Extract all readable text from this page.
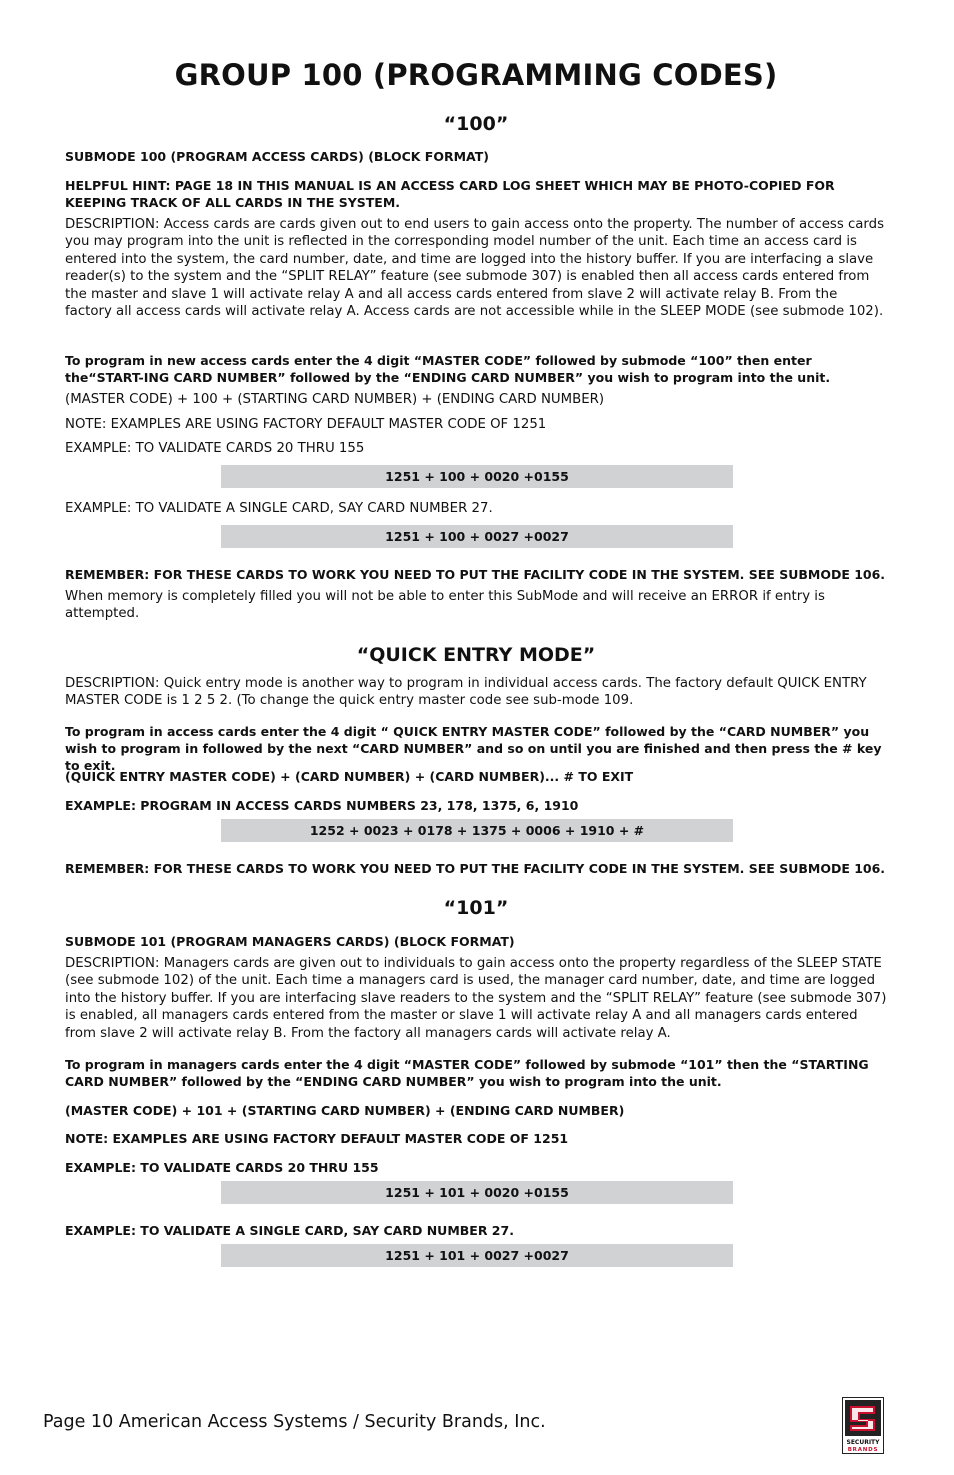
GROUP 100 (PROGRAMMING CODES)
“100”

SUBMODE 100 (PROGRAM ACCESS CARDS) (BLOCK FORMAT)

HELPFUL HINT: PAGE 18 IN THIS MANUAL IS AN ACCESS CARD LOG SHEET WHICH MAY BE PHOTO-COPIED FOR KEEPING TRACK OF ALL CARDS IN THE SYSTEM.

DESCRIPTION: Access cards are cards given out to end users to gain access onto the property. The number of access cards you may program into the unit is reflected in the corresponding model number of the unit. Each time an access card is entered into the system, the card number, date, and time are logged into the history buffer. If you are interfacing a slave reader(s) to the system and the “SPLIT RELAY” feature (see submode 307) is enabled then all access cards entered from the master and slave 1 will activate relay A and all access cards entered from slave 2 will activate relay B. From the factory all access cards will activate relay A. Access cards are not accessible while in the SLEEP MODE (see submode 102).

To program in new access cards enter the 4 digit “MASTER CODE” followed by submode “100” then enter the“START-ING CARD NUMBER” followed by the “ENDING CARD NUMBER” you wish to program into the unit.

(MASTER CODE) + 100 + (STARTING CARD NUMBER) + (ENDING CARD NUMBER)

NOTE: EXAMPLES ARE USING FACTORY DEFAULT MASTER CODE OF 1251

EXAMPLE: TO VALIDATE CARDS 20 THRU 155

1251 + 100 + 0020 +0155

EXAMPLE: TO VALIDATE A SINGLE CARD, SAY CARD NUMBER 27.

1251 + 100 + 0027 +0027

REMEMBER: FOR THESE CARDS TO WORK YOU NEED TO PUT THE FACILITY CODE IN THE SYSTEM. SEE SUBMODE 106.

When memory is completely filled you will not be able to enter this SubMode and will receive an ERROR if entry is attempted.

“QUICK ENTRY MODE”

DESCRIPTION: Quick entry mode is another way to program in individual access cards. The factory default QUICK ENTRY MASTER CODE is 1 2 5 2. (To change the quick entry master code see sub-mode 109.

To program in access cards enter the 4 digit “ QUICK ENTRY MASTER CODE” followed by the “CARD NUMBER” you wish to program in followed by the next “CARD NUMBER” and so on until you are finished and then press the # key to exit.

(QUICK ENTRY MASTER CODE) + (CARD NUMBER) + (CARD NUMBER)... # TO EXIT

EXAMPLE: PROGRAM IN ACCESS CARDS NUMBERS 23, 178, 1375, 6, 1910

1252 + 0023 + 0178 + 1375 + 0006 + 1910 + #

REMEMBER: FOR THESE CARDS TO WORK YOU NEED TO PUT THE FACILITY CODE IN THE SYSTEM. SEE SUBMODE 106.

“101”

SUBMODE 101 (PROGRAM MANAGERS CARDS) (BLOCK FORMAT)

DESCRIPTION: Managers cards are given out to individuals to gain access onto the property regardless of the SLEEP STATE (see submode 102) of the unit. Each time a managers card is used, the manager card number, date, and time are logged into the history buffer. If you are interfacing slave readers to the system and the “SPLIT RELAY” feature (see submode 307) is enabled, all managers cards entered from the master or slave 1 will activate relay A and all managers cards entered from slave 2 will activate relay B. From the factory all managers cards will activate relay A.

To program in managers cards enter the 4 digit “MASTER CODE” followed by submode “101” then the “STARTING CARD NUMBER” followed by the “ENDING CARD NUMBER” you wish to program into the unit.

(MASTER CODE) + 101 + (STARTING CARD NUMBER) + (ENDING CARD NUMBER)

NOTE: EXAMPLES ARE USING FACTORY DEFAULT MASTER CODE OF 1251

EXAMPLE: TO VALIDATE CARDS 20 THRU 155

1251 + 101 + 0020 +0155

EXAMPLE: TO VALIDATE A SINGLE CARD, SAY CARD NUMBER 27.

1251 + 101 + 0027 +0027
Page 10 American Access Systems / Security Brands, Inc.
SECURITY
BRANDS
